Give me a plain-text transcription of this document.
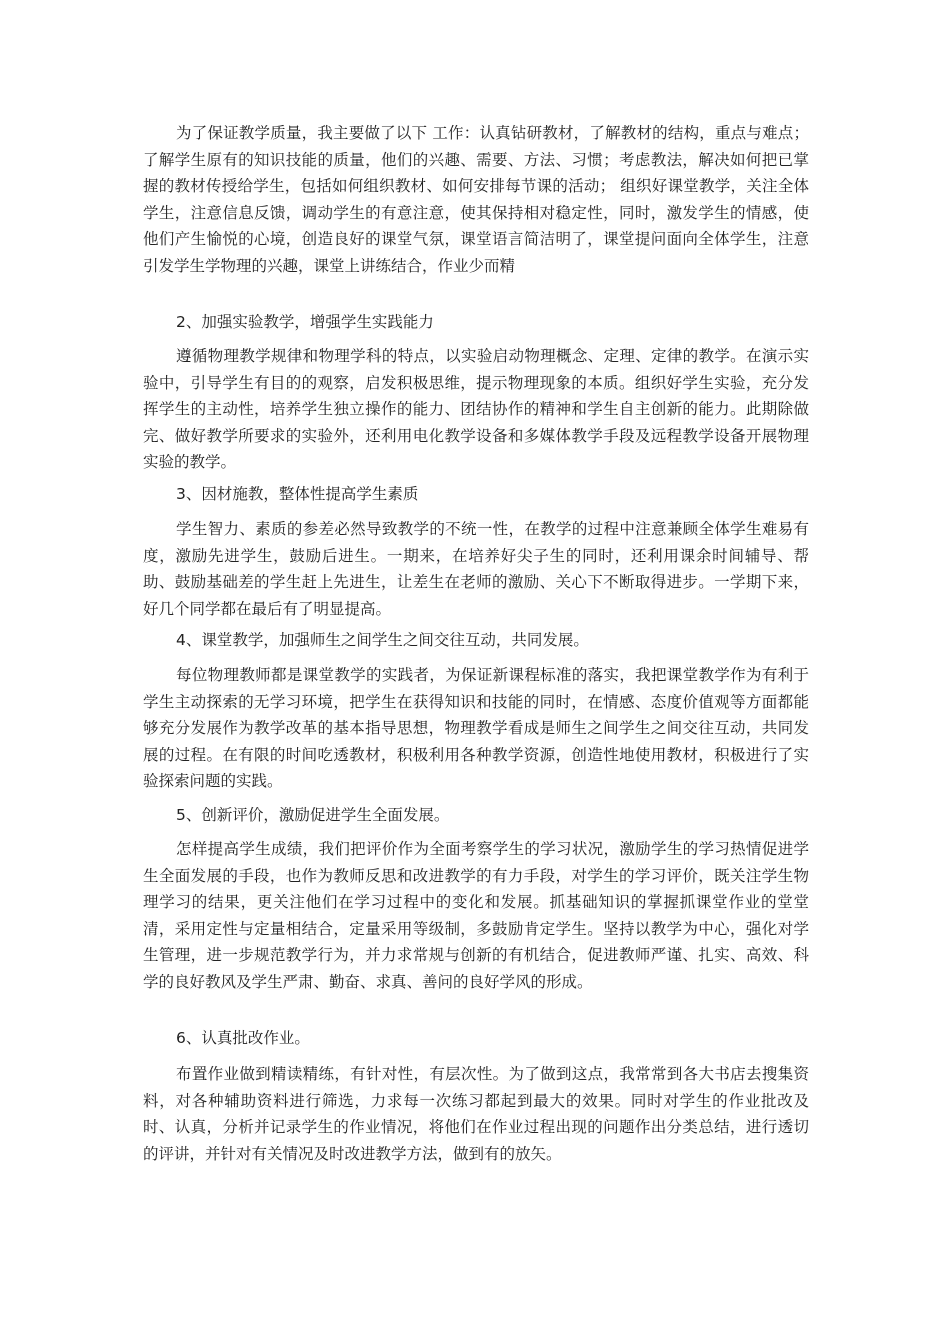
为了保证教学质量，我主要做了以下 工作：认真钻研教材，了解教材的结构，重点与难点；了解学生原有的知识技能的质量，他们的兴趣、需要、方法、习惯；考虑教法，解决如何把已掌握的教材传授给学生，包括如何组织教材、如何安排每节课的活动； 组织好课堂教学，关注全体学生，注意信息反馈，调动学生的有意注意，使其保持相对稳定性，同时，激发学生的情感，使他们产生愉悦的心境，创造良好的课堂气氛，课堂语言简洁明了，课堂提问面向全体学生，注意引发学生学物理的兴趣，课堂上讲练结合，作业少而精

2、加强实验教学，增强学生实践能力

遵循物理教学规律和物理学科的特点，以实验启动物理概念、定理、定律的教学。在演示实验中，引导学生有目的的观察，启发积极思维，提示物理现象的本质。组织好学生实验，充分发挥学生的主动性，培养学生独立操作的能力、团结协作的精神和学生自主创新的能力。此期除做完、做好教学所要求的实验外，还利用电化教学设备和多媒体教学手段及远程教学设备开展物理实验的教学。

3、因材施教，整体性提高学生素质

学生智力、素质的参差必然导致教学的不统一性，在教学的过程中注意兼顾全体学生难易有度，激励先进学生，鼓励后进生。一期来，在培养好尖子生的同时，还利用课余时间辅导、帮助、鼓励基础差的学生赶上先进生，让差生在老师的激励、关心下不断取得进步。一学期下来，好几个同学都在最后有了明显提高。

4、课堂教学，加强师生之间学生之间交往互动，共同发展。

每位物理教师都是课堂教学的实践者，为保证新课程标准的落实，我把课堂教学作为有利于学生主动探索的无学习环境，把学生在获得知识和技能的同时，在情感、态度价值观等方面都能够充分发展作为教学改革的基本指导思想，物理教学看成是师生之间学生之间交往互动，共同发展的过程。在有限的时间吃透教材，积极利用各种教学资源，创造性地使用教材，积极进行了实验探索问题的实践。

5、创新评价，激励促进学生全面发展。

怎样提高学生成绩，我们把评价作为全面考察学生的学习状况，激励学生的学习热情促进学生全面发展的手段，也作为教师反思和改进教学的有力手段，对学生的学习评价，既关注学生物理学习的结果，更关注他们在学习过程中的变化和发展。抓基础知识的掌握抓课堂作业的堂堂清，采用定性与定量相结合，定量采用等级制，多鼓励肯定学生。坚持以教学为中心，强化对学生管理，进一步规范教学行为，并力求常规与创新的有机结合，促进教师严谨、扎实、高效、科学的良好教风及学生严肃、勤奋、求真、善问的良好学风的形成。

6、认真批改作业。

布置作业做到精读精练，有针对性，有层次性。为了做到这点，我常常到各大书店去搜集资料，对各种辅助资料进行筛选，力求每一次练习都起到最大的效果。同时对学生的作业批改及时、认真，分析并记录学生的作业情况，将他们在作业过程出现的问题作出分类总结，进行透切的评讲，并针对有关情况及时改进教学方法，做到有的放矢。
